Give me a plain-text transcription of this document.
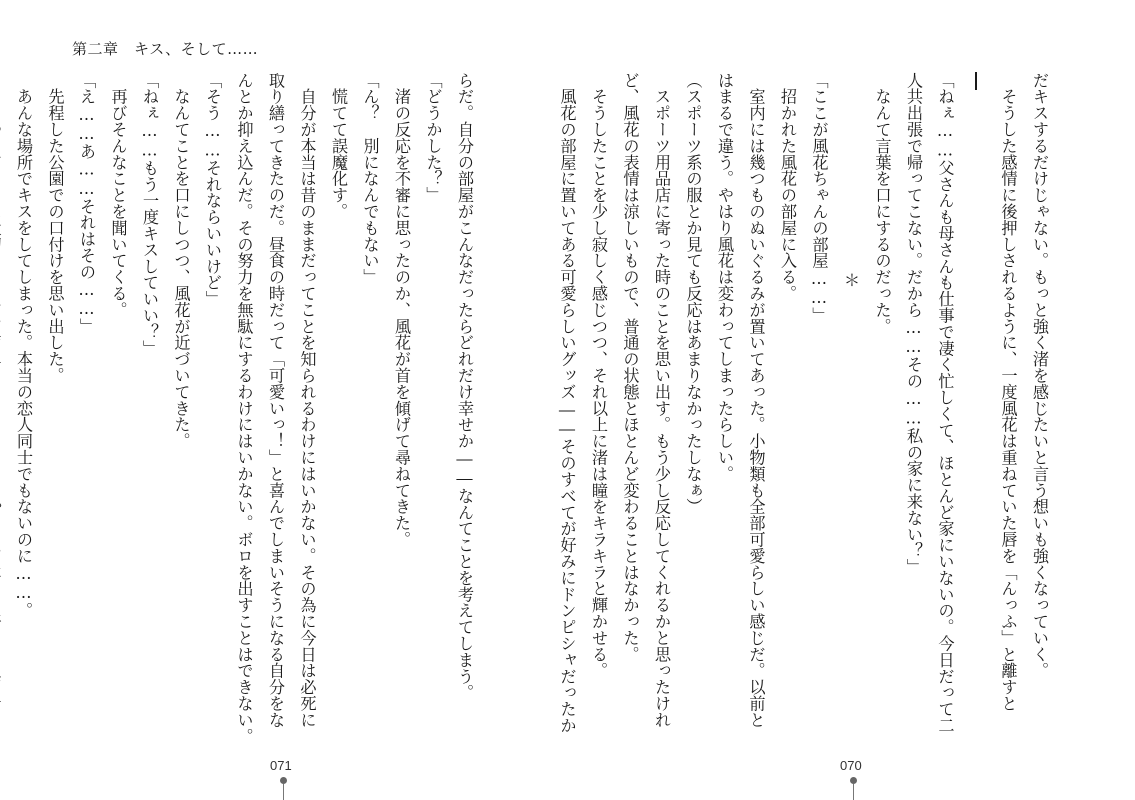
第二章　キス、そして……
らだ。自分の部屋がこんなだったらどれだけ幸せか――なんてことを考えてしまう。
「どうかした？」
　渚の反応を不審に思ったのか、風花が首を傾げて尋ねてきた。
「ん？　別になんでもない」
　慌てて誤魔化す。
　自分が本当は昔のままだってことを知られるわけにはいかない。その為に今日は必死に
取り繕ってきたのだ。昼食の時だって「可愛いっ！」と喜んでしまいそうになる自分をな
んとか抑え込んだ。その努力を無駄にするわけにはいかない。ボロを出すことはできない。
「そう……それならいいけど」
　なんてことを口にしつつ、風花が近づいてきた。
「ねぇ……もう一度キスしていい？」
　再びそんなことを聞いてくる。
「え……あ……それはその……」
　先程した公園での口付けを思い出した。
　あんな場所でキスをしてしまった。本当の恋人同士でもないのに……。	だキスするだけじゃない。もっと強く渚を感じたいと言う想いも強くなっていく。
　そうした感情に後押しされるように、一度風花は重ねていた唇を「んっふ」と離すと
「ねぇ……父さんも母さんも仕事で凄く忙しくて、ほとんど家にいないの。今日だって二
人共出張で帰ってこない。だから……その……私の家に来ない？」
　なんて言葉を口にするのだった。
＊
「ここが風花ちゃんの部屋……」
　招かれた風花の部屋に入る。
　室内には幾つものぬいぐるみが置いてあった。小物類も全部可愛らしい感じだ。以前と
はまるで違う。やはり風花は変わってしまったらしい。
（スポーツ系の服とか見ても反応はあまりなかったしなぁ）
　スポーツ用品店に寄った時のことを思い出す。もう少し反応してくれるかと思ったけれ
ど、風花の表情は涼しいもので、普通の状態とほとんど変わることはなかった。
　そうしたことを少し寂しく感じつつ、それ以上に渚は瞳をキラキラと輝かせる。
　風花の部屋に置いてある可愛らしいグッズ――そのすべてが好みにドンピシャだったか
071	070
